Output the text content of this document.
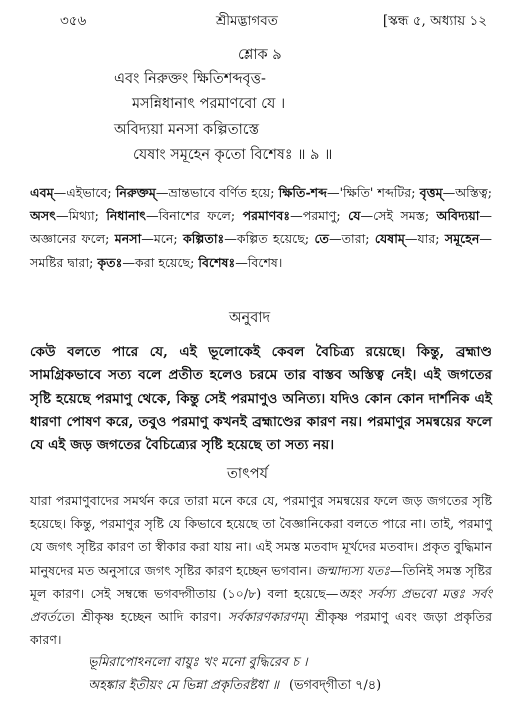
৩৫৬	শ্রীমদ্ভাগবত	[স্কন্ধ ৫, অধ্যায় ১২
শ্লোক ৯
এবং নিরুক্তং ক্ষিতিশব্দবৃত্ত-
মসন্নিধানাৎ পরমাণবো যে ।
অবিদ্যয়া মনসা কল্পিতাস্তে
যেষাং সমূহেন কৃতো বিশেষঃ ॥ ৯ ॥
এবম্—এইভাবে; নিরুক্তম্—ভ্রান্তভাবে বর্ণিত হয়ে; ক্ষিতি-শব্দ—'ক্ষিতি' শব্দটির; বৃত্তম্—অস্তিত্ব; অসৎ—মিথ্যা; নিধানাৎ—বিনাশের ফলে; পরমাণবঃ—পরমাণু; যে—সেই সমস্ত; অবিদ্যয়া—অজ্ঞানের ফলে; মনসা—মনে; কল্পিতাঃ—কল্পিত হয়েছে; তে—তারা; যেষাম্—যার; সমূহেন—সমষ্টির দ্বারা; কৃতঃ—করা হয়েছে; বিশেষঃ—বিশেষ।
অনুবাদ
কেউ বলতে পারে যে, এই ভূলোকেই কেবল বৈচিত্র্য রয়েছে। কিন্তু, ব্রহ্মাণ্ড সামগ্রিকভাবে সত্য বলে প্রতীত হলেও চরমে তার বাস্তব অস্তিত্ব নেই। এই জগতের সৃষ্টি হয়েছে পরমাণু থেকে, কিন্তু সেই পরমাণুও অনিত্য। যদিও কোন কোন দার্শনিক এই ধারণা পোষণ করে, তবুও পরমাণু কখনই ব্রহ্মাণ্ডের কারণ নয়। পরমাণুর সমন্বয়ের ফলে যে এই জড় জগতের বৈচিত্র্যের সৃষ্টি হয়েছে তা সত্য নয়।
তাৎপর্য
যারা পরমাণুবাদের সমর্থন করে তারা মনে করে যে, পরমাণুর সমন্বয়ের ফলে জড় জগতের সৃষ্টি হয়েছে। কিন্তু, পরমাণুর সৃষ্টি যে কিভাবে হয়েছে তা বৈজ্ঞানিকেরা বলতে পারে না। তাই, পরমাণু যে জগৎ সৃষ্টির কারণ তা স্বীকার করা যায় না। এই সমস্ত মতবাদ মূর্খদের মতবাদ। প্রকৃত বুদ্ধিমান মানুষদের মত অনুসারে জগৎ সৃষ্টির কারণ হচ্ছেন ভগবান। জন্মাদ্যস্য যতঃ—তিনিই সমস্ত সৃষ্টির মূল কারণ। সেই সম্বন্ধে ভগবদ্গীতায় (১০/৮) বলা হয়েছে—অহং সর্বস্য প্রভবো মত্তঃ সর্বং প্রবর্ততে। শ্রীকৃষ্ণ হচ্ছেন আদি কারণ। সর্বকারণকারণম্। শ্রীকৃষ্ণ পরমাণু এবং জড়া প্রকৃতির কারণ।
ভূমিরাপোঽনলো বায়ুঃ খং মনো বুদ্ধিরেব চ ।
অহঙ্কার ইতীয়ং মে ভিন্না প্রকৃতিরষ্টধা ॥ (ভগবদ্‌গীতা ৭/৪)
